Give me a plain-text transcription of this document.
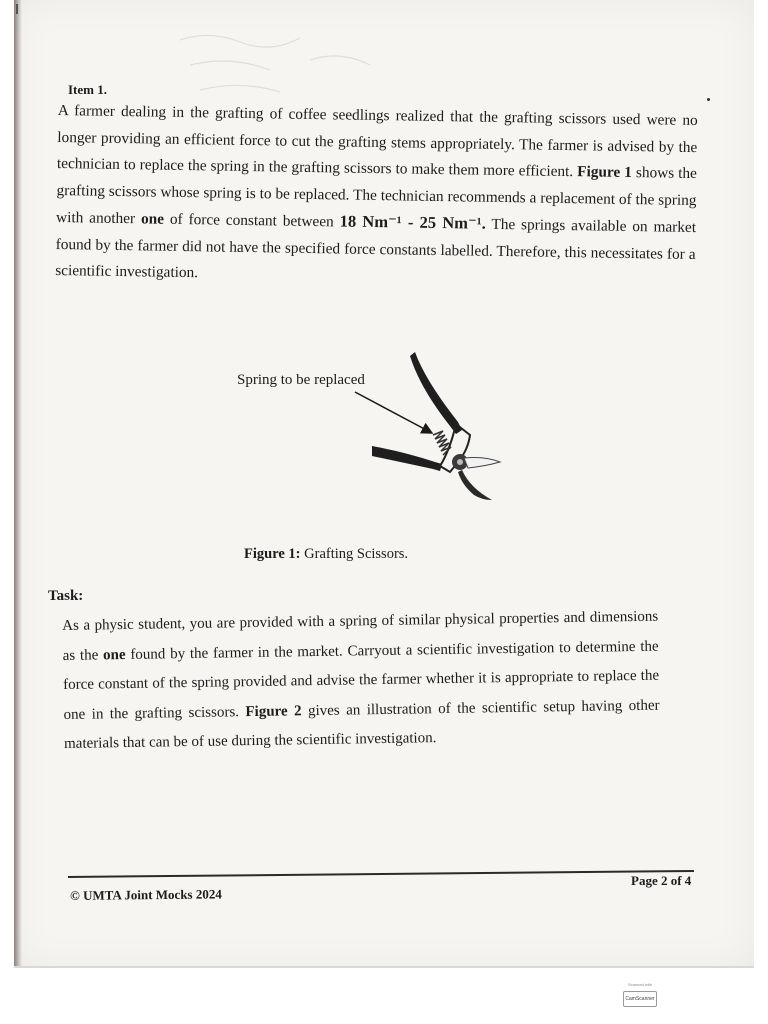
Item 1.

A farmer dealing in the grafting of coffee seedlings realized that the grafting scissors used were no longer providing an efficient force to cut the grafting stems appropriately. The farmer is advised by the technician to replace the spring in the grafting scissors to make them more efficient. Figure 1 shows the grafting scissors whose spring is to be replaced. The technician recommends a replacement of the spring with another one of force constant between 18 Nm⁻¹ - 25 Nm⁻¹. The springs available on market found by the farmer did not have the specified force constants labelled. Therefore, this necessitates for a scientific investigation.

Spring to be replaced
Figure 1: Grafting Scissors.
Task:

As a physic student, you are provided with a spring of similar physical properties and dimensions as the one found by the farmer in the market. Carryout a scientific investigation to determine the force constant of the spring provided and advise the farmer whether it is appropriate to replace the one in the grafting scissors. Figure 2 gives an illustration of the scientific setup having other materials that can be of use during the scientific investigation.

© UMTA Joint Mocks 2024
Page 2 of 4
Scanned with
CamScanner
